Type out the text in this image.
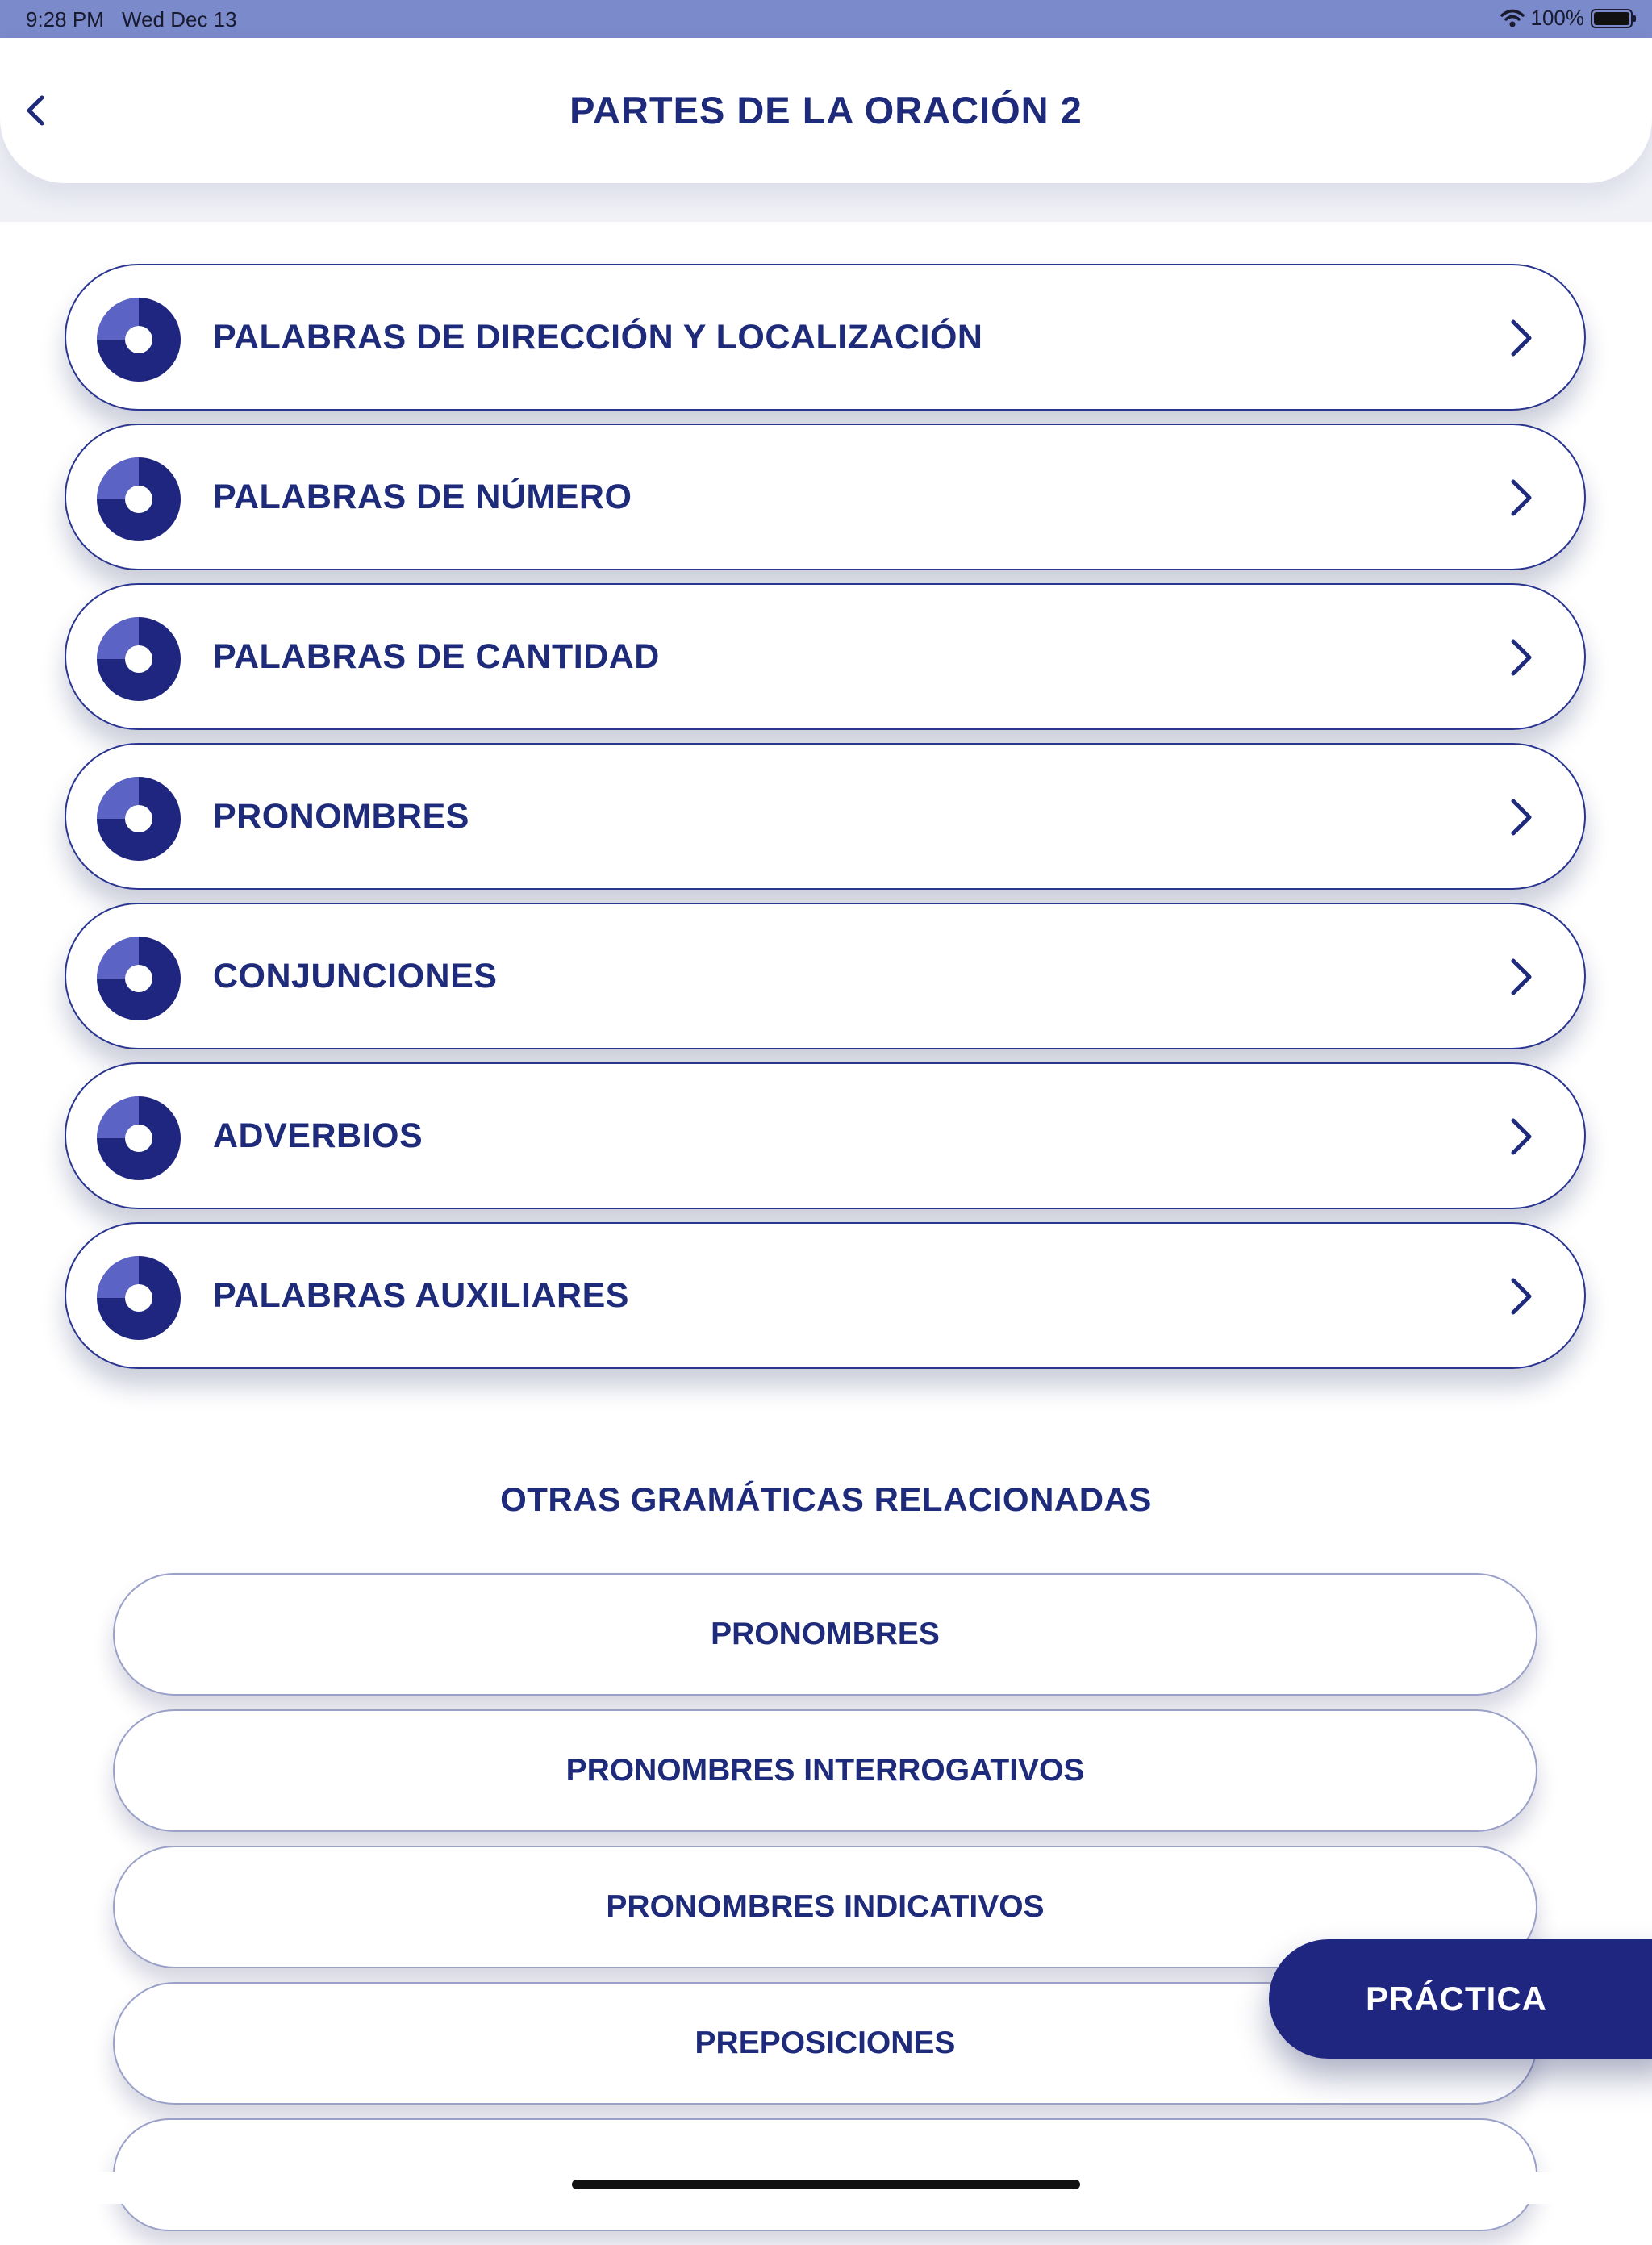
9:28 PM Wed Dec 13	100%
PARTES DE LA ORACIÓN 2
PALABRAS DE DIRECCIÓN Y LOCALIZACIÓN
PALABRAS DE NÚMERO
PALABRAS DE CANTIDAD
PRONOMBRES
CONJUNCIONES
ADVERBIOS
PALABRAS AUXILIARES
OTRAS GRAMÁTICAS RELACIONADAS
PRONOMBRES
PRONOMBRES INTERROGATIVOS
PRONOMBRES INDICATIVOS
PREPOSICIONES
PRÁCTICA
